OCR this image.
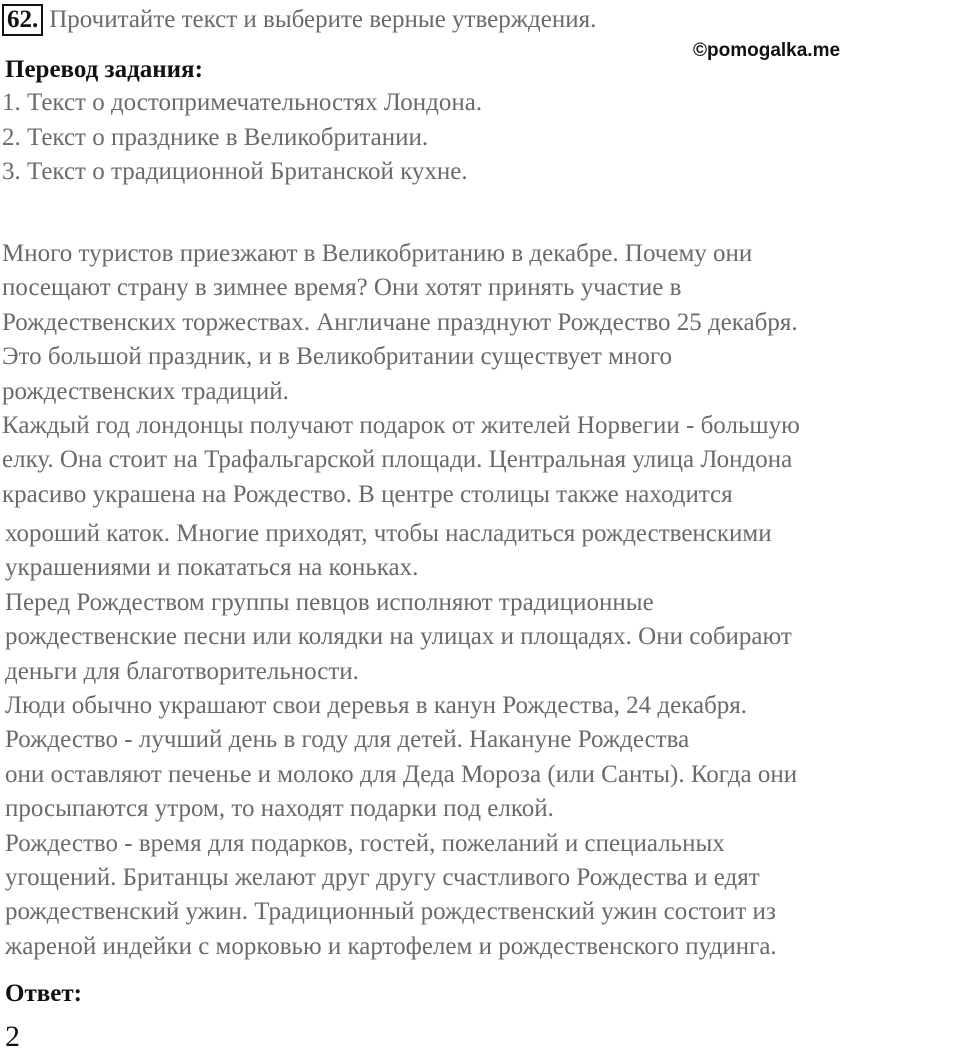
62. Прочитайте текст и выберите верные утверждения.
©pomogalka.me
Перевод задания:
1. Текст о достопримечательностях Лондона.
2. Текст о празднике в Великобритании.
3. Текст о традиционной Британской кухне.

Много туристов приезжают в Великобританию в декабре. Почему они

посещают страну в зимнее время? Они хотят принять участие в

Рождественских торжествах. Англичане празднуют Рождество 25 декабря.

Это большой праздник, и в Великобритании существует много

рождественских традиций.

Каждый год лондонцы получают подарок от жителей Норвегии - большую

елку. Она стоит на Трафальгарской площади. Центральная улица Лондона

красиво украшена на Рождество. В центре столицы также находится

хороший каток. Многие приходят, чтобы насладиться рождественскими

украшениями и покататься на коньках.

Перед Рождеством группы певцов исполняют традиционные

рождественские песни или колядки на улицах и площадях. Они собирают

деньги для благотворительности.

Люди обычно украшают свои деревья в канун Рождества, 24 декабря.

Рождество - лучший день в году для детей. Накануне Рождества

они оставляют печенье и молоко для Деда Мороза (или Санты). Когда они

просыпаются утром, то находят подарки под елкой.

Рождество - время для подарков, гостей, пожеланий и специальных

угощений. Британцы желают друг другу счастливого Рождества и едят

рождественский ужин. Традиционный рождественский ужин состоит из

жареной индейки с морковью и картофелем и рождественского пудинга.

Ответ:
2
